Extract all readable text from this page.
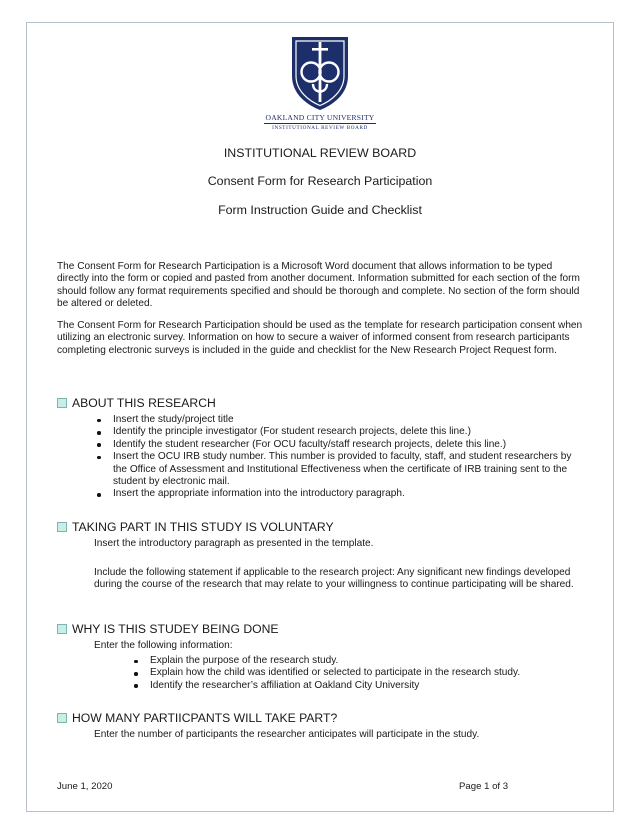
OAKLAND CITY UNIVERSITY
INSTITUTIONAL REVIEW BOARD
INSTITUTIONAL REVIEW BOARD
Consent Form for Research Participation
Form Instruction Guide and Checklist
The Consent Form for Research Participation is a Microsoft Word document that allows information to be typed directly into the form or copied and pasted from another document. Information submitted for each section of the form should follow any format requirements specified and should be thorough and complete. No section of the form should be altered or deleted.
The Consent Form for Research Participation should be used as the template for research participation consent when utilizing an electronic survey. Information on how to secure a waiver of informed consent from research participants completing electronic surveys is included in the guide and checklist for the New Research Project Request form.
ABOUT THIS RESEARCH
Insert the study/project title
Identify the principle investigator (For student research projects, delete this line.)
Identify the student researcher (For OCU faculty/staff research projects, delete this line.)
Insert the OCU IRB study number. This number is provided to faculty, staff, and student researchers by the Office of Assessment and Institutional Effectiveness when the certificate of IRB training sent to the student by electronic mail.
Insert the appropriate information into the introductory paragraph.
TAKING PART IN THIS STUDY IS VOLUNTARY
Insert the introductory paragraph as presented in the template.
Include the following statement if applicable to the research project: Any significant new findings developed during the course of the research that may relate to your willingness to continue participating will be shared.
WHY IS THIS STUDEY BEING DONE
Enter the following information:
Explain the purpose of the research study.
Explain how the child was identified or selected to participate in the research study.
Identify the researcher’s affiliation at Oakland City University
HOW MANY PARTIICPANTS WILL TAKE PART?
Enter the number of participants the researcher anticipates will participate in the study.
June 1, 2020	Page 1 of 3
